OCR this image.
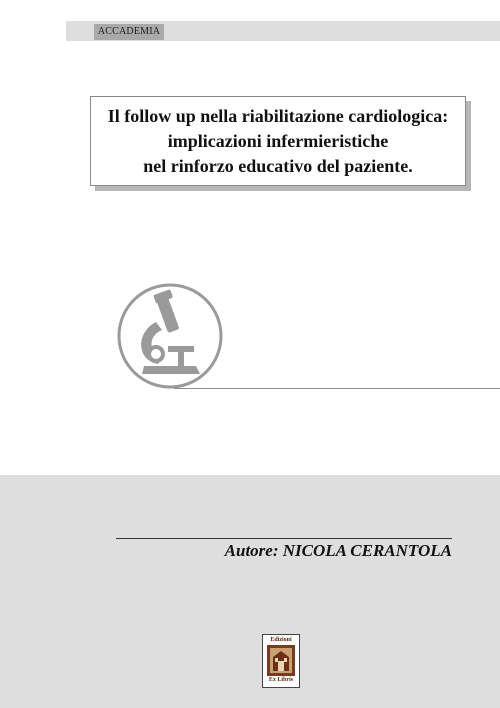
ACCADEMIA
Il follow up nella riabilitazione cardiologica:
implicazioni infermieristiche
nel rinforzo educativo del paziente.
Autore: NICOLA CERANTOLA
Edizioni
Ex Libris
